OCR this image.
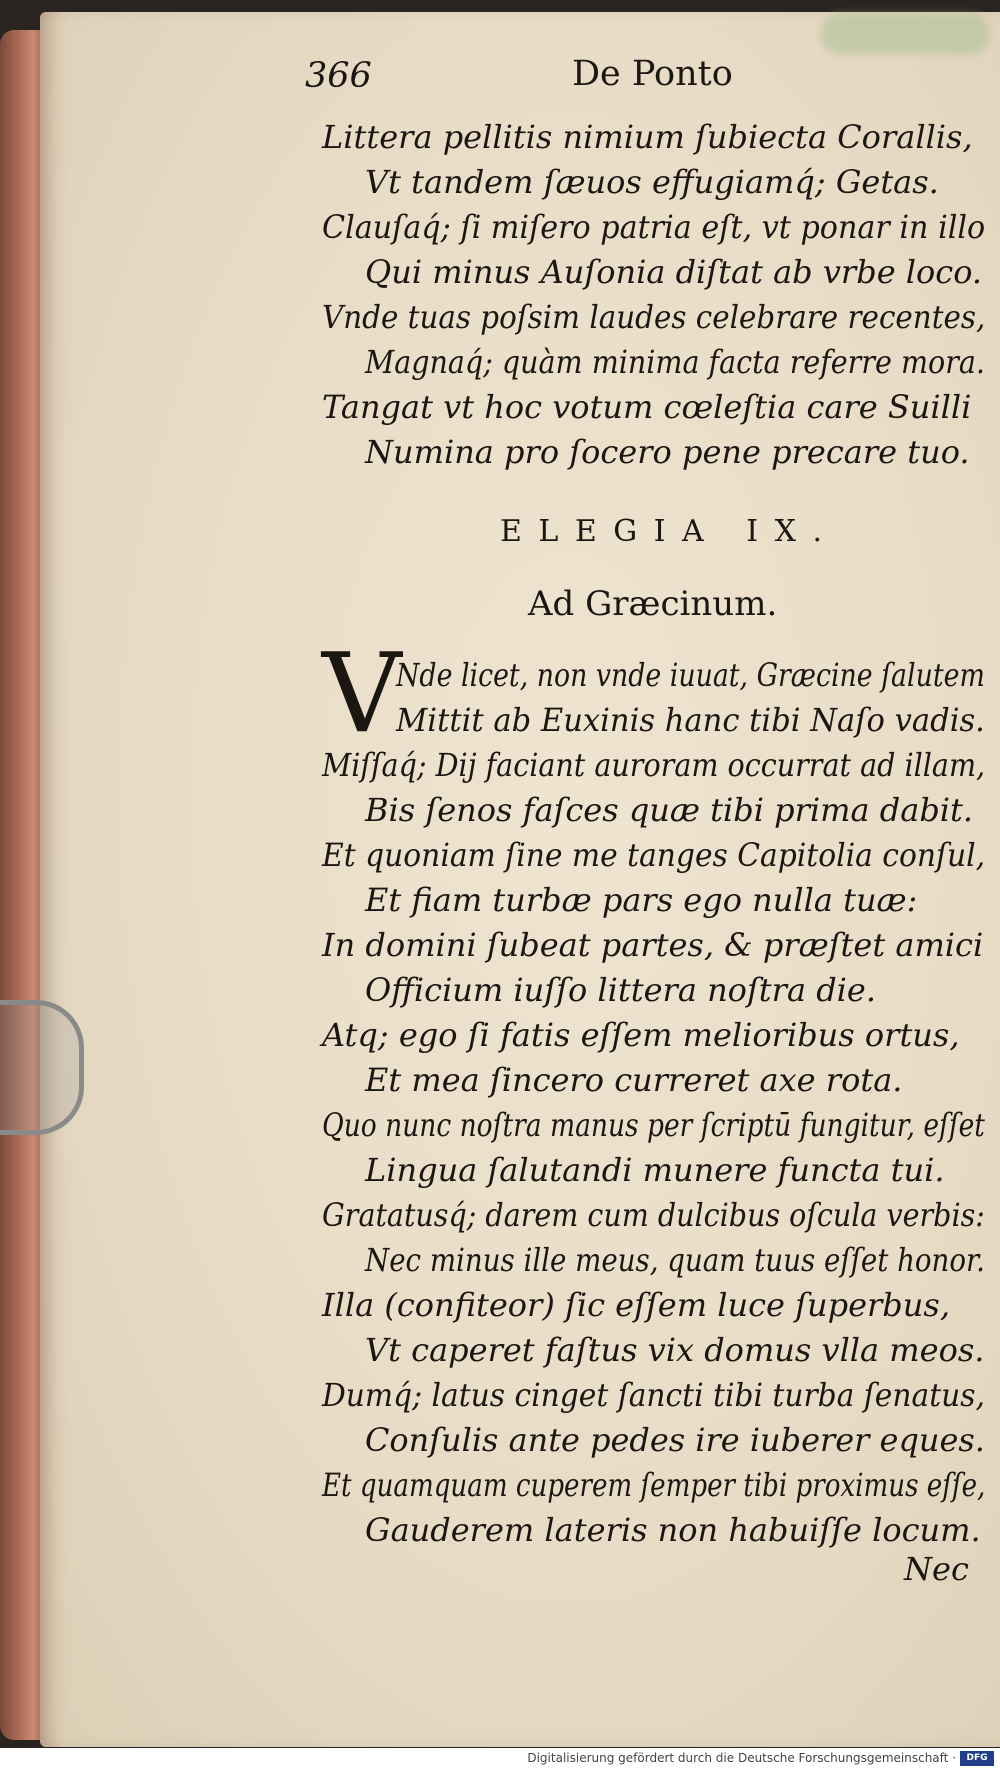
366	De Ponto
Littera pellitis nimium ſubiecta Corallis,
Vt tandem ſæuos effugiamq́; Getas.
Clauſaq́; ſi miſero patria eſt, vt ponar in illo
Qui minus Auſonia diſtat ab vrbe loco.
Vnde tuas poſsim laudes celebrare recentes,
Magnaq́; quàm minima facta referre mora.
Tangat vt hoc votum cœleſtia care Suilli
Numina pro ſocero pene precare tuo.
ELEGIA IX.
Ad Græcinum.
V
Nde licet, non vnde iuuat, Græcine ſalutem
Mittit ab Euxinis hanc tibi Naſo vadis.
Miſſaq́; Dij faciant auroram occurrat ad illam,
Bis ſenos faſces quæ tibi prima dabit.
Et quoniam ſine me tanges Capitolia conſul,
Et fiam turbæ pars ego nulla tuæ:
In domini ſubeat partes, & præſtet amici
Officium iuſſo littera noſtra die.
Atq; ego ſi fatis eſſem melioribus ortus,
Et mea ſincero curreret axe rota.
Quo nunc noſtra manus per ſcriptū fungitur, eſſet
Lingua ſalutandi munere functa tui.
Gratatusq́; darem cum dulcibus oſcula verbis:
Nec minus ille meus, quam tuus eſſet honor.
Illa (confiteor) ſic eſſem luce ſuperbus,
Vt caperet faſtus vix domus vlla meos.
Dumq́; latus cinget ſancti tibi turba ſenatus,
Conſulis ante pedes ire iuberer eques.
Et quamquam cuperem ſemper tibi proximus eſſe,
Gauderem lateris non habuiſſe locum.
Nec
Digitalisierung gefördert durch die Deutsche Forschungsgemeinschaft ·	DFG
